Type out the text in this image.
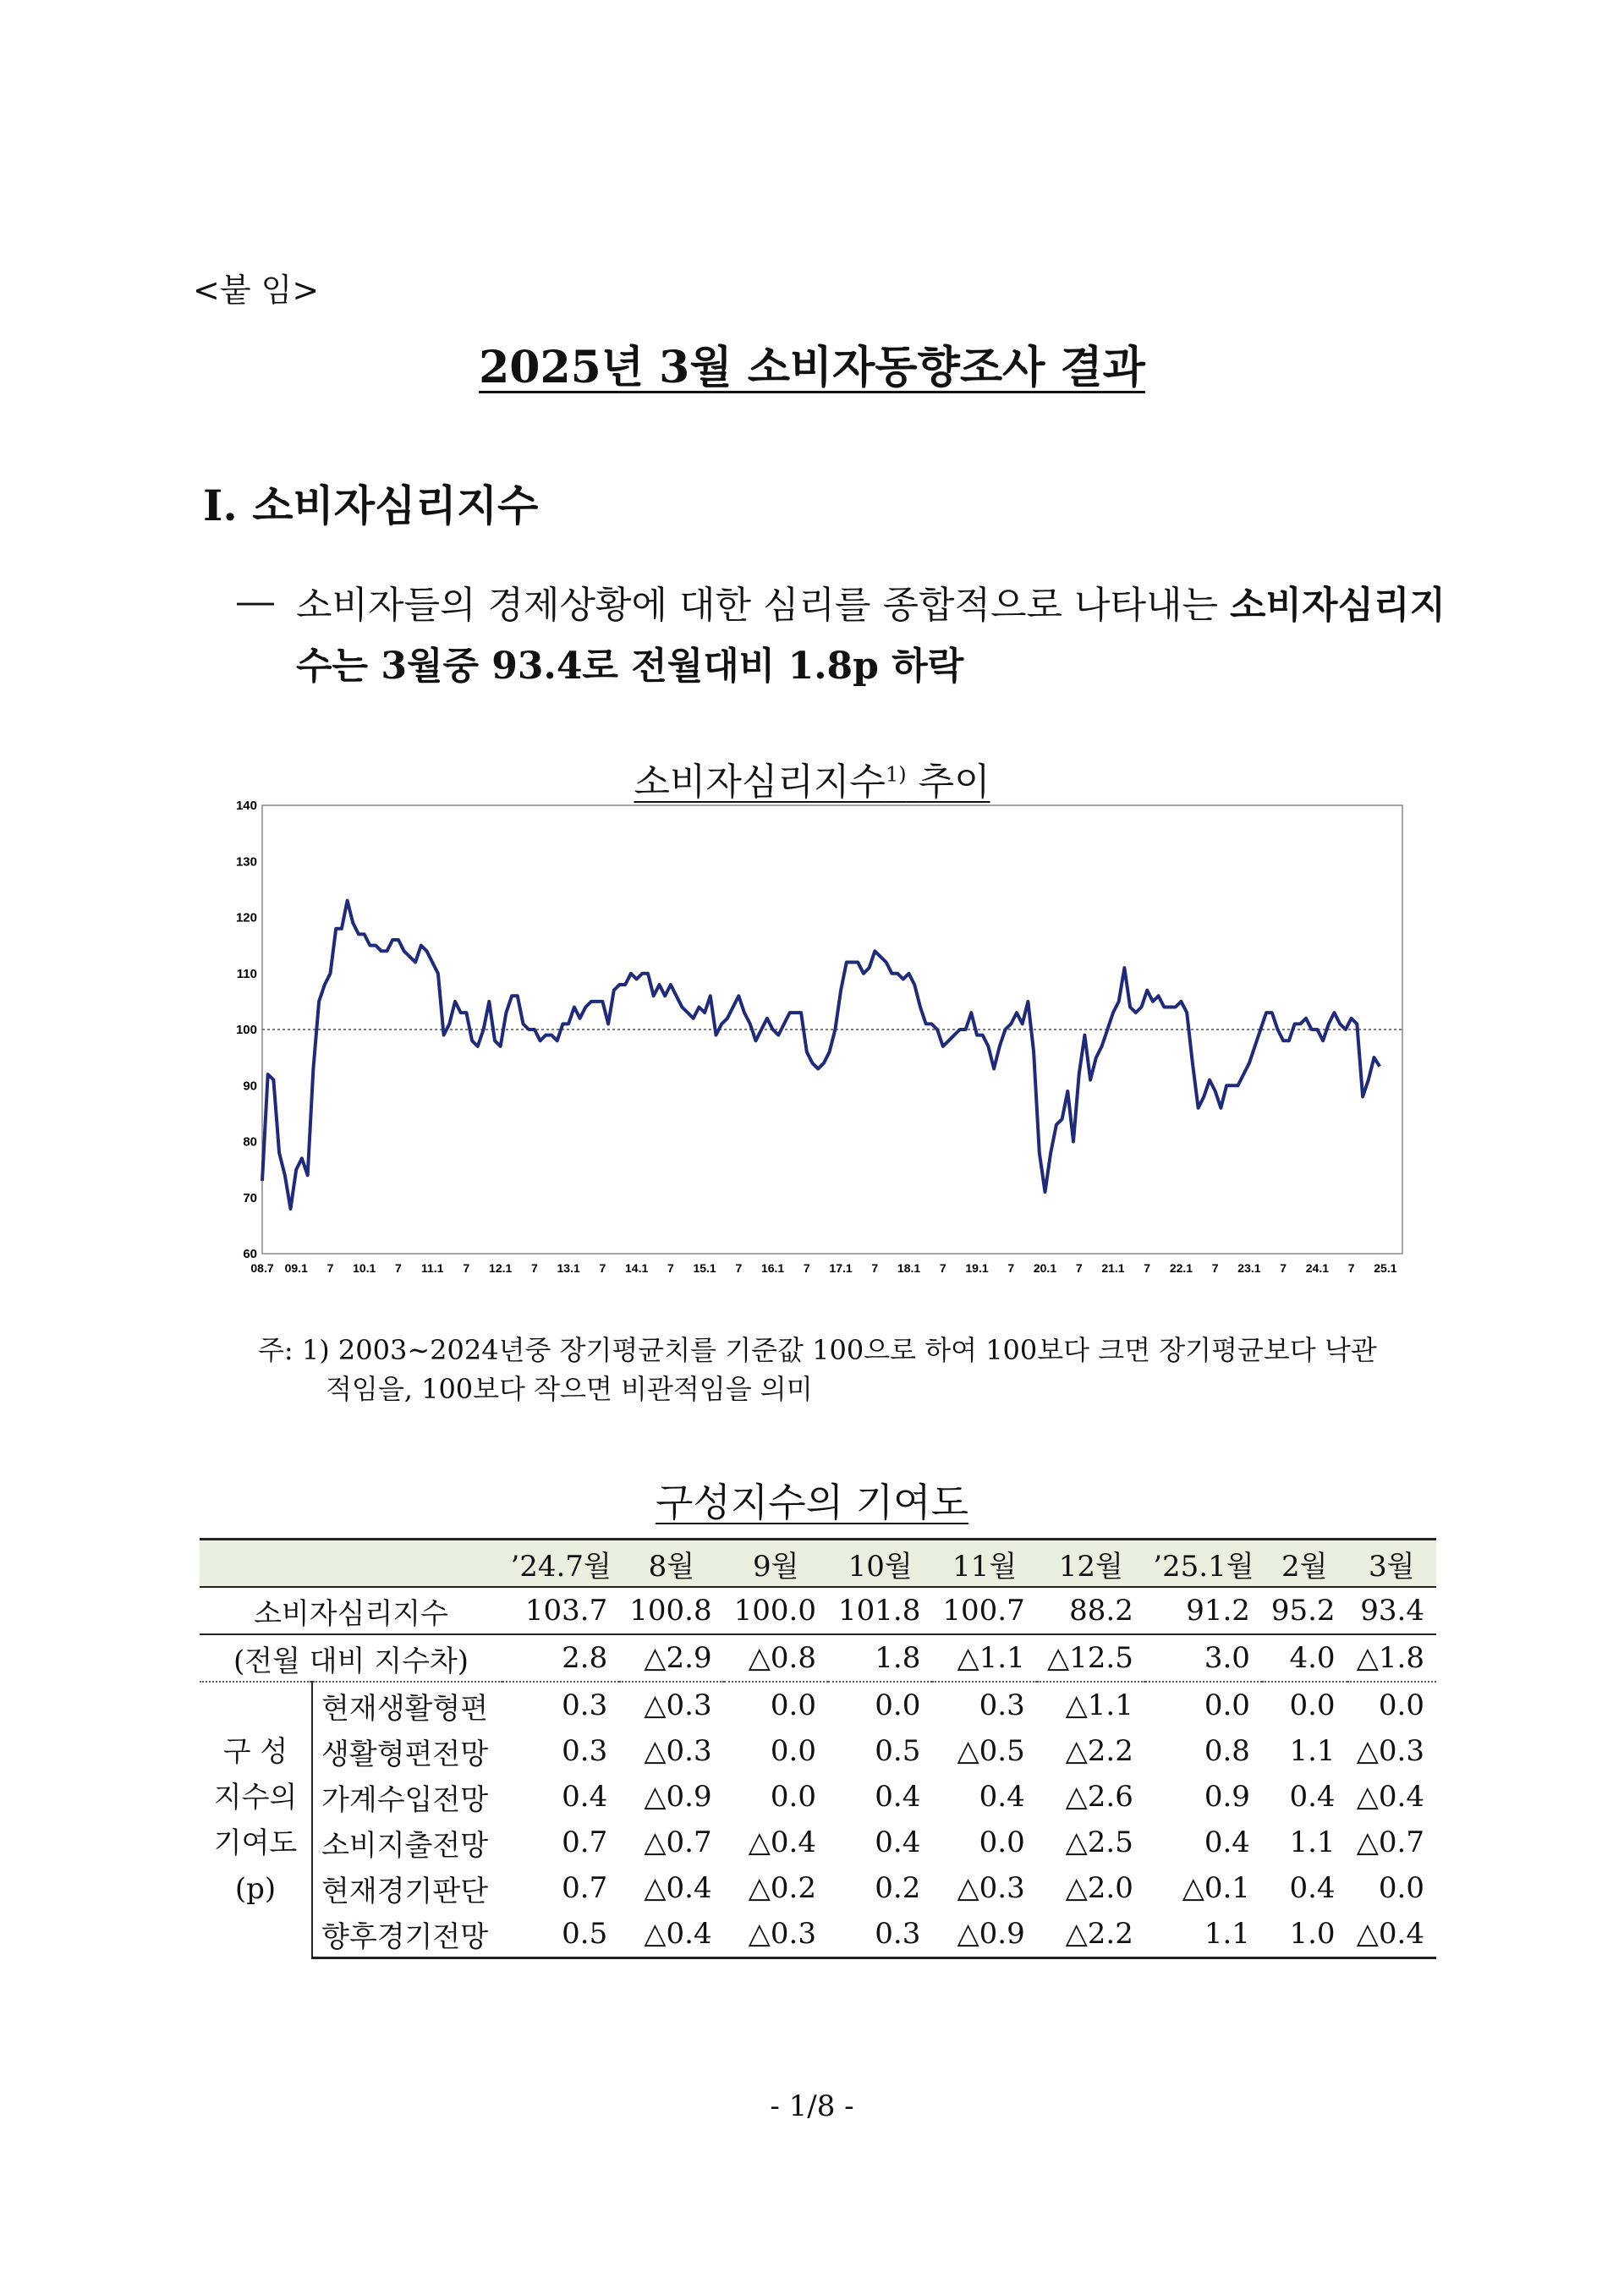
<붙 임>
2025년 3월 소비자동향조사 결과
Ⅰ. 소비자심리지수
― 소비자들의 경제상황에 대한 심리를 종합적으로 나타내는 소비자심리지수는 3월중 93.4로 전월대비 1.8p 하락
소비자심리지수$^{1)}$ 추이
140
130
120
110
100
90
80
70
60
08.7 09.1 7 10.1 7 11.1 7 12.1 7 13.1 7 14.1 7 15.1 7 16.1 7 17.1 7 18.1 7 19.1 7 20.1 7 21.1 7 22.1 7 23.1 7 24.1 7 25.1
주: 1) 2003∼2024년중 장기평균치를 기준값 100으로 하여 100보다 크면 장기평균보다 낙관
적임을, 100보다 작으면 비관적임을 의미
구성지수의 기여도
		’24.7월	8월	9월	10월	11월	12월	’25.1월	2월	3월
소비자심리지수		103.7	100.8	100.0	101.8	100.7	88.2	91.2	95.2	93.4
(전월 대비 지수차)		2.8	△2.9	△0.8	1.8	△1.1	△12.5	3.0	4.0	△1.8

구 성
지수의
기여도
(p)	현재생활형편	0.3	△0.3	0.0	0.0	0.3	△1.1	0.0	0.0	0.0
	생활형편전망	0.3	△0.3	0.0	0.5	△0.5	△2.2	0.8	1.1	△0.3
	가계수입전망	0.4	△0.9	0.0	0.4	0.4	△2.6	0.9	0.4	△0.4
	소비지출전망	0.7	△0.7	△0.4	0.4	0.0	△2.5	0.4	1.1	△0.7
	현재경기판단	0.7	△0.4	△0.2	0.2	△0.3	△2.0	△0.1	0.4	0.0
	향후경기전망	0.5	△0.4	△0.3	0.3	△0.9	△2.2	1.1	1.0	△0.4
- 1/8 -
